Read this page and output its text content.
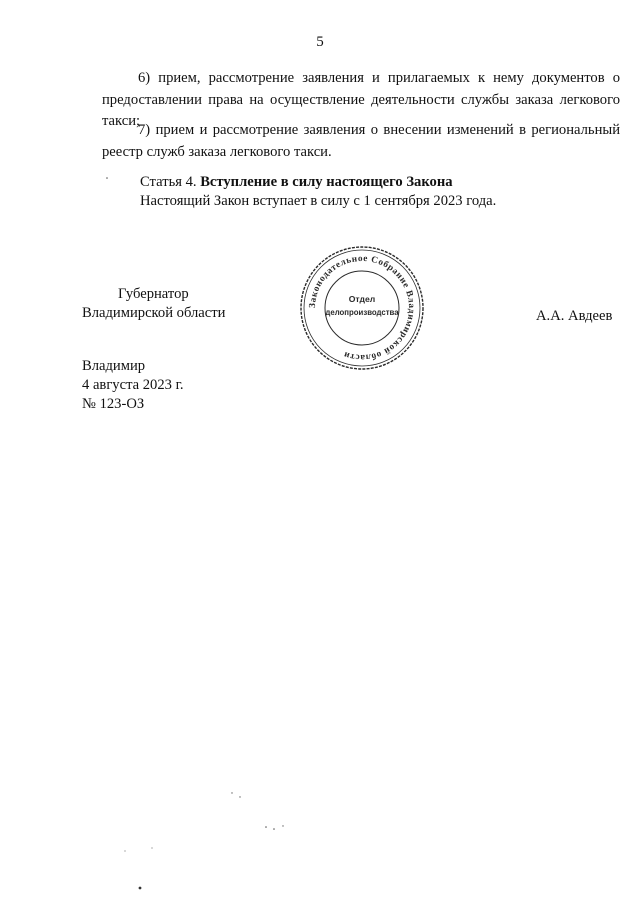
5
6) прием, рассмотрение заявления и прилагаемых к нему документов о предоставлении права на осуществление деятельности службы заказа легкового такси;
7) прием и рассмотрение заявления о внесении изменений в региональный реестр служб заказа легкового такси.
Статья 4. Вступление в силу настоящего Закона
Настоящий Закон вступает в силу с 1 сентября 2023 года.
Губернатор
Владимирской области	А.А. Авдеев
Законодательное Собрание Владимирской области
Отдел
делопроизводства
Владимир
4 августа 2023 г.
№ 123-ОЗ
